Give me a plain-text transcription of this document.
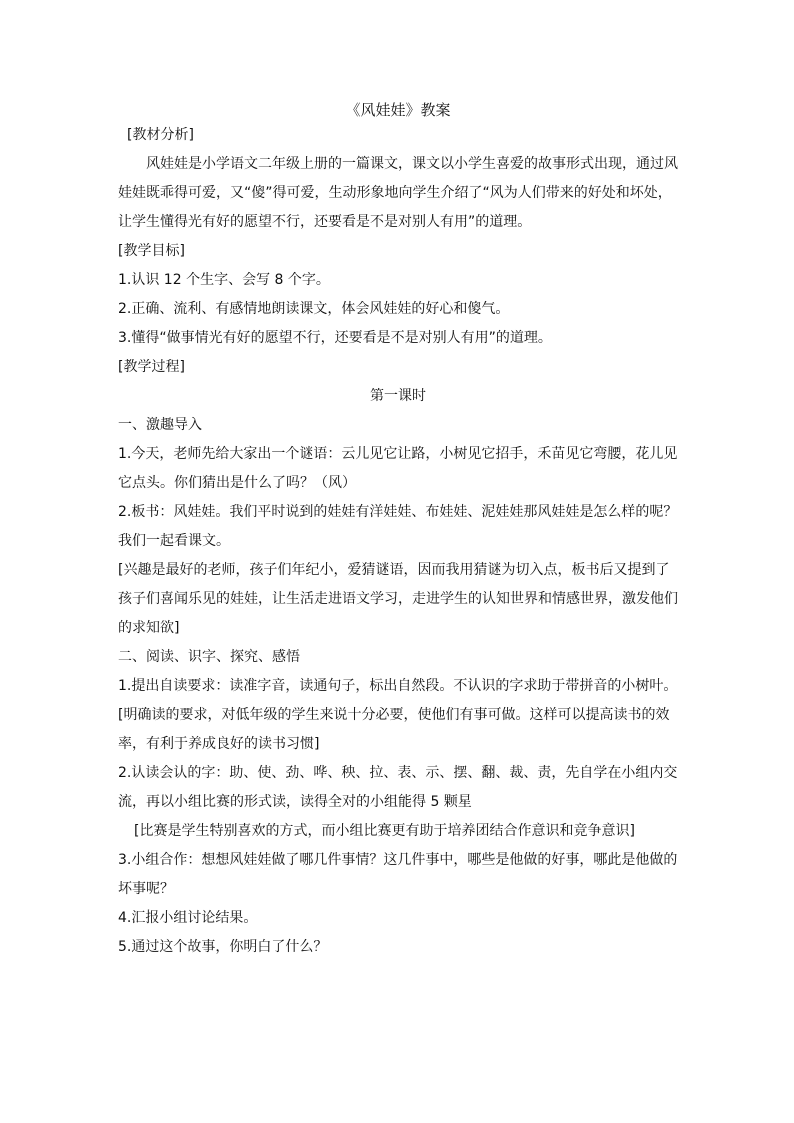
《风娃娃》教案
[教材分析]
风娃娃是小学语文二年级上册的一篇课文，课文以小学生喜爱的故事形式出现，通过风
娃娃既乖得可爱，又“傻”得可爱，生动形象地向学生介绍了“风为人们带来的好处和坏处，
让学生懂得光有好的愿望不行，还要看是不是对别人有用”的道理。
[教学目标]
1.认识 12 个生字、会写 8 个字。
2.正确、流利、有感情地朗读课文，体会风娃娃的好心和傻气。
3.懂得“做事情光有好的愿望不行，还要看是不是对别人有用”的道理。
[教学过程]
第一课时
一、激趣导入
1.今天，老师先给大家出一个谜语：云儿见它让路，小树见它招手，禾苗见它弯腰，花儿见
它点头。你们猜出是什么了吗？（风）
2.板书：风娃娃。我们平时说到的娃娃有洋娃娃、布娃娃、泥娃娃那风娃娃是怎么样的呢？
我们一起看课文。
[兴趣是最好的老师，孩子们年纪小，爱猜谜语，因而我用猜谜为切入点，板书后又提到了
孩子们喜闻乐见的娃娃，让生活走进语文学习，走进学生的认知世界和情感世界，激发他们
的求知欲]
二、阅读、识字、探究、感悟
1.提出自读要求：读准字音，读通句子，标出自然段。不认识的字求助于带拼音的小树叶。
[明确读的要求，对低年级的学生来说十分必要，使他们有事可做。这样可以提高读书的效
率，有利于养成良好的读书习惯]
2.认读会认的字：助、使、劲、哗、秧、拉、表、示、摆、翻、裁、责，先自学在小组内交
流，再以小组比赛的形式读，读得全对的小组能得 5 颗星
[比赛是学生特别喜欢的方式，而小组比赛更有助于培养团结合作意识和竞争意识]
3.小组合作：想想风娃娃做了哪几件事情？这几件事中，哪些是他做的好事，哪此是他做的
坏事呢？
4.汇报小组讨论结果。
5.通过这个故事，你明白了什么？
